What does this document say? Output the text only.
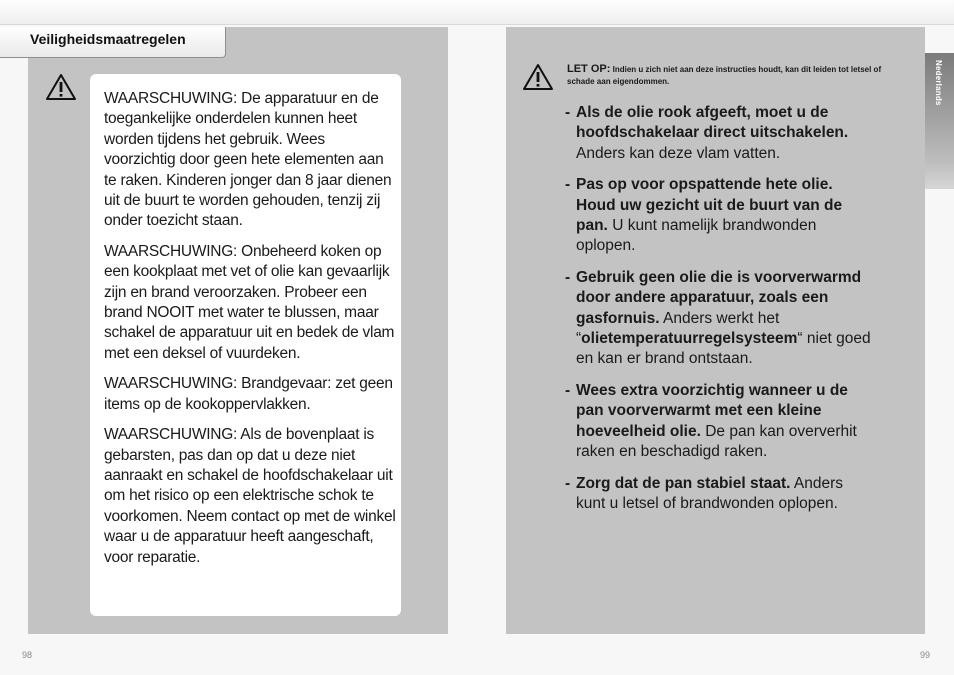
Veiligheidsmaatregelen

WAARSCHUWING: De apparatuur en de toegankelijke onderdelen kunnen heet worden tijdens het gebruik. Wees voorzichtig door geen hete elementen aan te raken. Kinderen jonger dan 8 jaar dienen uit de buurt te worden gehouden, tenzij zij onder toezicht staan.

WAARSCHUWING: Onbeheerd koken op een kookplaat met vet of olie kan gevaarlijk zijn en brand veroorzaken. Probeer een brand NOOIT met water te blussen, maar schakel de apparatuur uit en bedek de vlam met een deksel of vuurdeken.

WAARSCHUWING: Brandgevaar: zet geen items op de kookoppervlakken.

WAARSCHUWING: Als de bovenplaat is gebarsten, pas dan op dat u deze niet aanraakt en schakel de hoofdschakelaar uit om het risico op een elektrische schok te voorkomen. Neem contact op met de winkel waar u de apparatuur heeft aangeschaft, voor reparatie.

LET OP: Indien u zich niet aan deze instructies houdt, kan dit leiden tot letsel of schade aan eigendommen.
- Als de olie rook afgeeft, moet u de hoofdschakelaar direct uitschakelen. Anders kan deze vlam vatten.
- Pas op voor opspattende hete olie. Houd uw gezicht uit de buurt van de pan. U kunt namelijk brandwonden oplopen.
- Gebruik geen olie die is voorverwarmd door andere apparatuur, zoals een gasfornuis. Anders werkt het “olietemperatuurregelsysteem“ niet goed en kan er brand ontstaan.
- Wees extra voorzichtig wanneer u de pan voorverwarmt met een kleine hoeveelheid olie. De pan kan oververhit raken en beschadigd raken.
- Zorg dat de pan stabiel staat. Anders kunt u letsel of brandwonden oplopen.
Nederlands
98	99
